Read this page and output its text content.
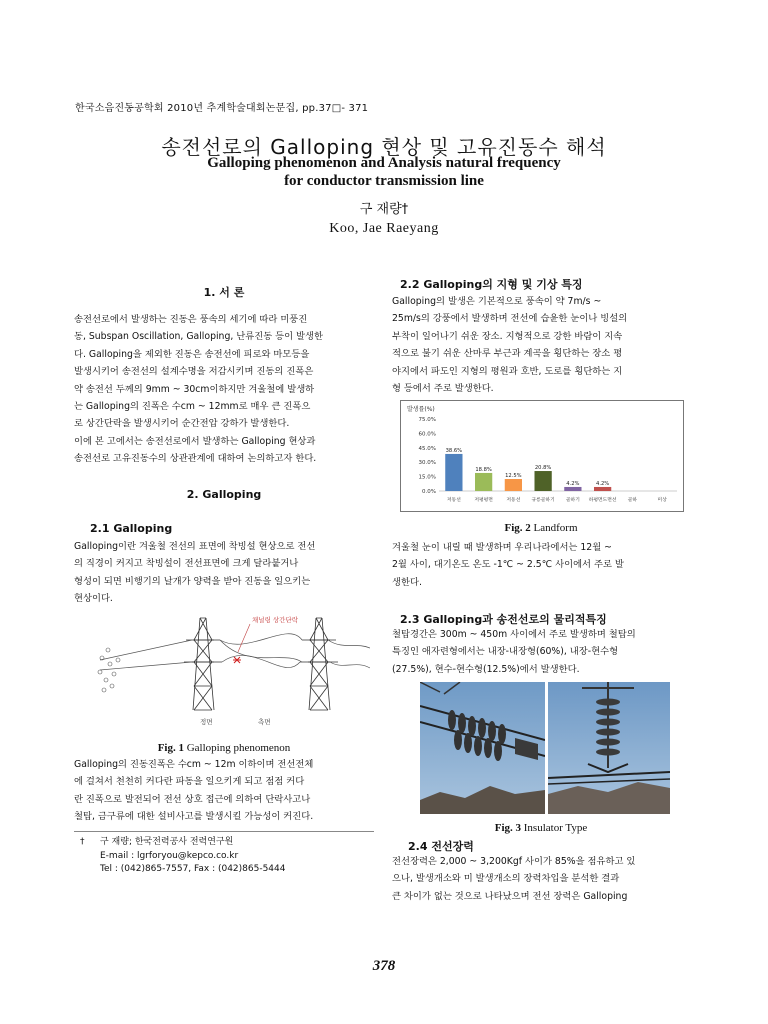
한국소음진동공학회 2010년 추계학술대회논문집, pp.37□- 371
송전선로의 Galloping 현상 및 고유진동수 해석
Galloping phenomenon and Analysis natural frequency
for conductor transmission line
구 재량†
Koo, Jae Raeyang
1. 서 론

송전선로에서 발생하는 진동은 풍속의 세기에 따라 미풍진

동, Subspan Oscillation, Galloping, 난류진동 등이 발생한

다. Galloping을 제외한 진동은 송전선에 피로와 마모등을

발생시키어 송전선의 설계수명을 저감시키며 진동의 진폭은

약 송전선 두께의 9mm ~ 30cm이하지만 겨울철에 발생하

는 Galloping의 진폭은 수cm ~ 12mm로 매우 큰 진폭으

로 상간단락을 발생시키어 순간전압 강하가 발생한다.

이에 본 고에서는 송전선로에서 발생하는 Galloping 현상과

송전선로 고유진동수의 상관관계에 대하여 논의하고자 한다.

2. Galloping
2.1 Galloping

Galloping이란 겨울철 전선의 표면에 착빙설 현상으로 전선

의 직경이 커지고 착빙설이 전선표면에 크게 달라붙거나

형성이 되면 비행기의 날개가 양력을 받아 진동을 일으키는

현상이다.

채널링 상간단락
정면	측면
Fig. 1 Galloping phenomenon

Galloping의 진동진폭은 수cm ~ 12m 이하이며 전선전체

에 걸쳐서 천천히 커다란 파동을 일으키게 되고 점점 커다

란 진폭으로 발전되어 전선 상호 접근에 의하여 단락사고나

철탑, 금구류에 대한 설비사고를 발생시킬 가능성이 커진다.

† 구 재량; 한국전력공사 전력연구원
E-mail : lgrforyou@kepco.co.kr
Tel : (042)865-7557, Fax : (042)865-5444
2.2 Galloping의 지형 및 기상 특징

Galloping의 발생은 기본적으로 풍속이 약 7m/s ~

25m/s의 강풍에서 발생하며 전선에 습윤한 눈이나 빙설의

부착이 일어나기 쉬운 장소. 지형적으로 강한 바람이 지속

적으로 불기 쉬운 산마루 부근과 계곡을 횡단하는 장소 평

야지에서 파도인 지형의 평원과 호반, 도로를 횡단하는 지

형 등에서 주로 발생한다.

발생률(%)
0.0%
15.0%
30.0%
45.0%
60.0%
75.0%
38.6%
18.8%
12.5%
20.8%
4.2%	4.2%
저동선	저평평면	저동선 규릉골하기 골하기 하평면도면선 골하	미상
Fig. 2 Landform

겨울철 눈이 내릴 때 발생하며 우리나라에서는 12월 ~

2월 사이, 대기온도 온도 -1℃ ~ 2.5℃ 사이에서 주로 발

생한다.

2.3 Galloping과 송전선로의 물리적특징

철탑경간은 300m ~ 450m 사이에서 주로 발생하며 철탑의

특징인 애자련형에서는 내장-내장형(60%), 내장-현수형

(27.5%), 현수-현수형(12.5%)에서 발생한다.

Fig. 3 Insulator Type
2.4 전선장력

전선장력은 2,000 ~ 3,200Kgf 사이가 85%을 점유하고 있

으나, 발생개소와 미 발생개소의 장력차입을 분석한 결과

큰 차이가 없는 것으로 나타났으며 전선 장력은 Galloping

378
